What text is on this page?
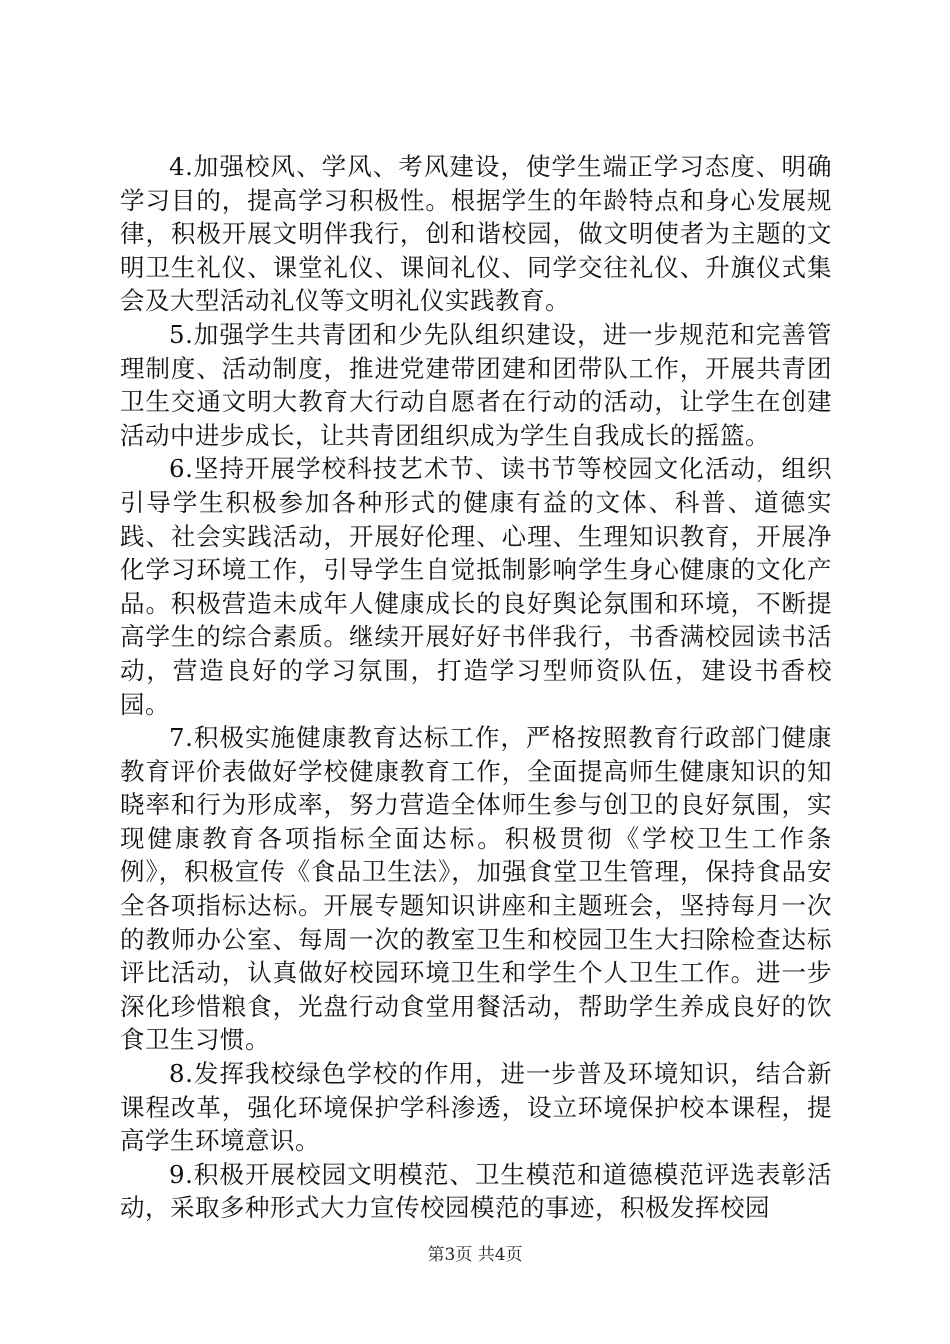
4.加强校风、学风、考风建设，使学生端正学习态度、明确学习目的，提高学习积极性。根据学生的年龄特点和身心发展规律，积极开展文明伴我行，创和谐校园，做文明使者为主题的文明卫生礼仪、课堂礼仪、课间礼仪、同学交往礼仪、升旗仪式集会及大型活动礼仪等文明礼仪实践教育。

5.加强学生共青团和少先队组织建设，进一步规范和完善管理制度、活动制度，推进党建带团建和团带队工作，开展共青团卫生交通文明大教育大行动自愿者在行动的活动，让学生在创建活动中进步成长，让共青团组织成为学生自我成长的摇篮。

6.坚持开展学校科技艺术节、读书节等校园文化活动，组织引导学生积极参加各种形式的健康有益的文体、科普、道德实践、社会实践活动，开展好伦理、心理、生理知识教育，开展净化学习环境工作，引导学生自觉抵制影响学生身心健康的文化产品。积极营造未成年人健康成长的良好舆论氛围和环境，不断提高学生的综合素质。继续开展好好书伴我行，书香满校园读书活动，营造良好的学习氛围，打造学习型师资队伍，建设书香校园。

7.积极实施健康教育达标工作，严格按照教育行政部门健康教育评价表做好学校健康教育工作，全面提高师生健康知识的知晓率和行为形成率，努力营造全体师生参与创卫的良好氛围，实现健康教育各项指标全面达标。积极贯彻《学校卫生工作条例》，积极宣传《食品卫生法》，加强食堂卫生管理，保持食品安全各项指标达标。开展专题知识讲座和主题班会，坚持每月一次的教师办公室、每周一次的教室卫生和校园卫生大扫除检查达标评比活动，认真做好校园环境卫生和学生个人卫生工作。进一步深化珍惜粮食，光盘行动食堂用餐活动，帮助学生养成良好的饮食卫生习惯。

8.发挥我校绿色学校的作用，进一步普及环境知识，结合新课程改革，强化环境保护学科渗透，设立环境保护校本课程，提高学生环境意识。

9.积极开展校园文明模范、卫生模范和道德模范评选表彰活动，采取多种形式大力宣传校园模范的事迹，积极发挥校园

第3页 共4页
